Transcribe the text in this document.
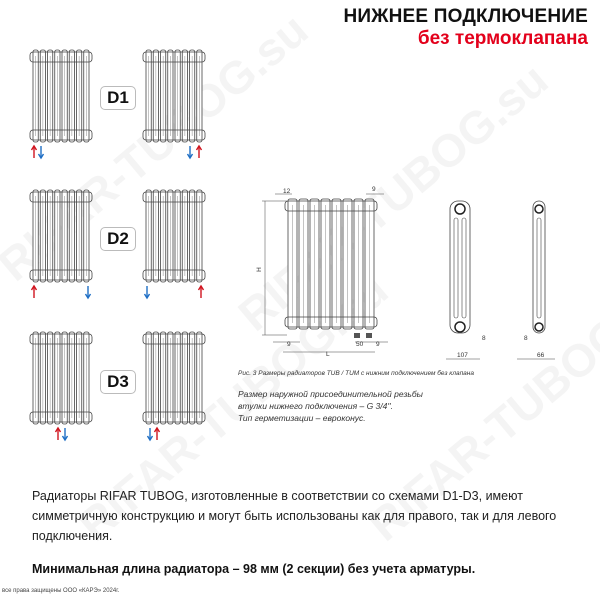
НИЖНЕЕ ПОДКЛЮЧЕНИЕ
без термоклапана
D1
D2
D3
12	9
H
9	50 9
L	107
8	8
66
Рис. 3 Размеры радиаторов TUB / TUM с нижним подключением без клапана
Размер наружной присоединительной резьбы
втулки нижнего подключения – G 3/4''.
Тип герметизации – евроконус.
Радиаторы RIFAR TUBOG, изготовленные в соответствии со схемами D1-D3, имеют симметричную конструкцию и могут быть использованы как для правого, так и для левого подключения.
Минимальная длина радиатора – 98 мм (2 секции) без учета арматуры.
все права защищены ООО «КАРЭ» 2024г.
